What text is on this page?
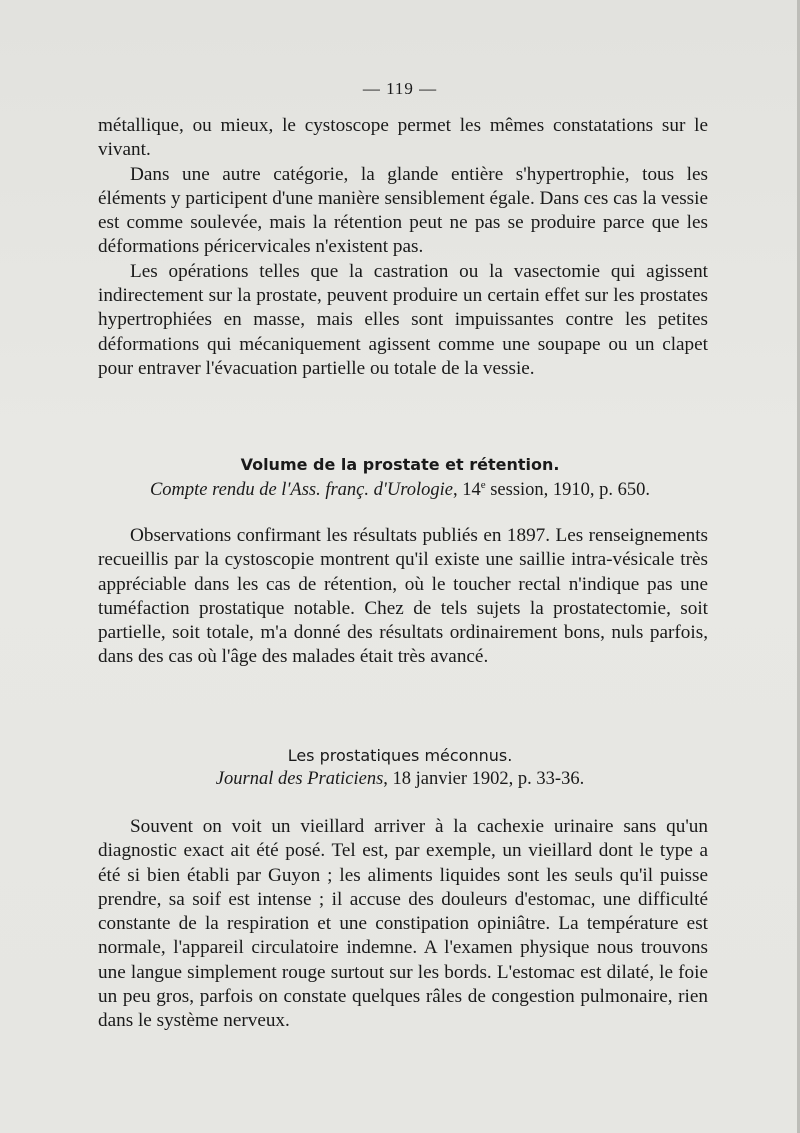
— 119 —

métallique, ou mieux, le cystoscope permet les mêmes constatations sur le vivant.

Dans une autre catégorie, la glande entière s'hypertrophie, tous les éléments y participent d'une manière sensiblement égale. Dans ces cas la vessie est comme soulevée, mais la rétention peut ne pas se produire parce que les déformations péricervicales n'existent pas.

Les opérations telles que la castration ou la vasectomie qui agissent indirectement sur la prostate, peuvent produire un certain effet sur les prostates hypertrophiées en masse, mais elles sont impuissantes contre les petites déformations qui mécaniquement agissent comme une soupape ou un clapet pour entraver l'évacuation partielle ou totale de la vessie.

Volume de la prostate et rétention.
Compte rendu de l'Ass. franç. d'Urologie, 14e session, 1910, p. 650.

Observations confirmant les résultats publiés en 1897. Les renseignements recueillis par la cystoscopie montrent qu'il existe une saillie intra-vésicale très appréciable dans les cas de rétention, où le toucher rectal n'indique pas une tuméfaction prostatique notable. Chez de tels sujets la prostatectomie, soit partielle, soit totale, m'a donné des résultats ordinairement bons, nuls parfois, dans des cas où l'âge des malades était très avancé.

Les prostatiques méconnus.
Journal des Praticiens, 18 janvier 1902, p. 33-36.

Souvent on voit un vieillard arriver à la cachexie urinaire sans qu'un diagnostic exact ait été posé. Tel est, par exemple, un vieillard dont le type a été si bien établi par Guyon ; les aliments liquides sont les seuls qu'il puisse prendre, sa soif est intense ; il accuse des douleurs d'estomac, une difficulté constante de la respiration et une constipation opiniâtre. La température est normale, l'appareil circulatoire indemne. A l'examen physique nous trouvons une langue simplement rouge surtout sur les bords. L'estomac est dilaté, le foie un peu gros, parfois on constate quelques râles de congestion pulmonaire, rien dans le système nerveux.
